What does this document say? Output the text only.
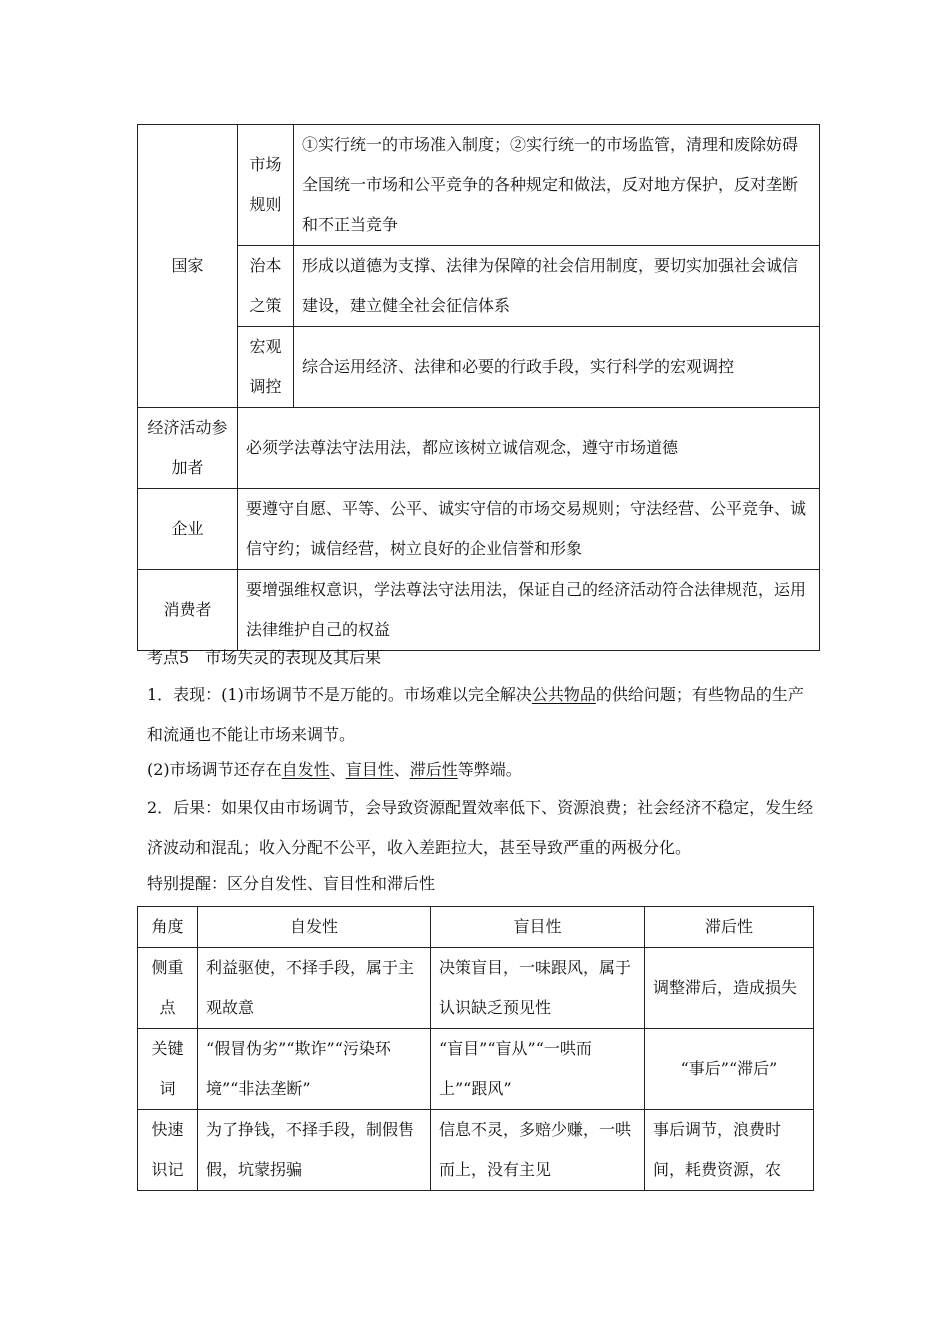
国家	市场规则	①实行统一的市场准入制度；②实行统一的市场监管，清理和废除妨碍全国统一市场和公平竞争的各种规定和做法，反对地方保护，反对垄断和不正当竞争
	治本之策	形成以道德为支撑、法律为保障的社会信用制度，要切实加强社会诚信建设，建立健全社会征信体系
	宏观调控	综合运用经济、法律和必要的行政手段，实行科学的宏观调控
经济活动参加者	必须学法尊法守法用法，都应该树立诚信观念，遵守市场道德	
企业	要遵守自愿、平等、公平、诚实守信的市场交易规则；守法经营、公平竞争、诚信守约；诚信经营，树立良好的企业信誉和形象	
消费者	要增强维权意识，学法尊法守法用法，保证自己的经济活动符合法律规范，运用法律维护自己的权益	

考点5　市场失灵的表现及其后果

1．表现：(1)市场调节不是万能的。市场难以完全解决公共物品的供给问题；有些物品的生产和流通也不能让市场来调节。

(2)市场调节还存在自发性、盲目性、滞后性等弊端。

2．后果：如果仅由市场调节，会导致资源配置效率低下、资源浪费；社会经济不稳定，发生经济波动和混乱；收入分配不公平，收入差距拉大，甚至导致严重的两极分化。

特别提醒：区分自发性、盲目性和滞后性

角度	自发性	盲目性	滞后性
侧重点	利益驱使，不择手段，属于主观故意	决策盲目，一味跟风，属于认识缺乏预见性	调整滞后，造成损失
关键词	“假冒伪劣”“欺诈”“污染环境”“非法垄断”	“盲目”“盲从”“一哄而上”“跟风”	“事后”“滞后”
快速识记	为了挣钱，不择手段，制假售假，坑蒙拐骗	信息不灵，多赔少赚，一哄而上，没有主见	事后调节，浪费时间，耗费资源，农
